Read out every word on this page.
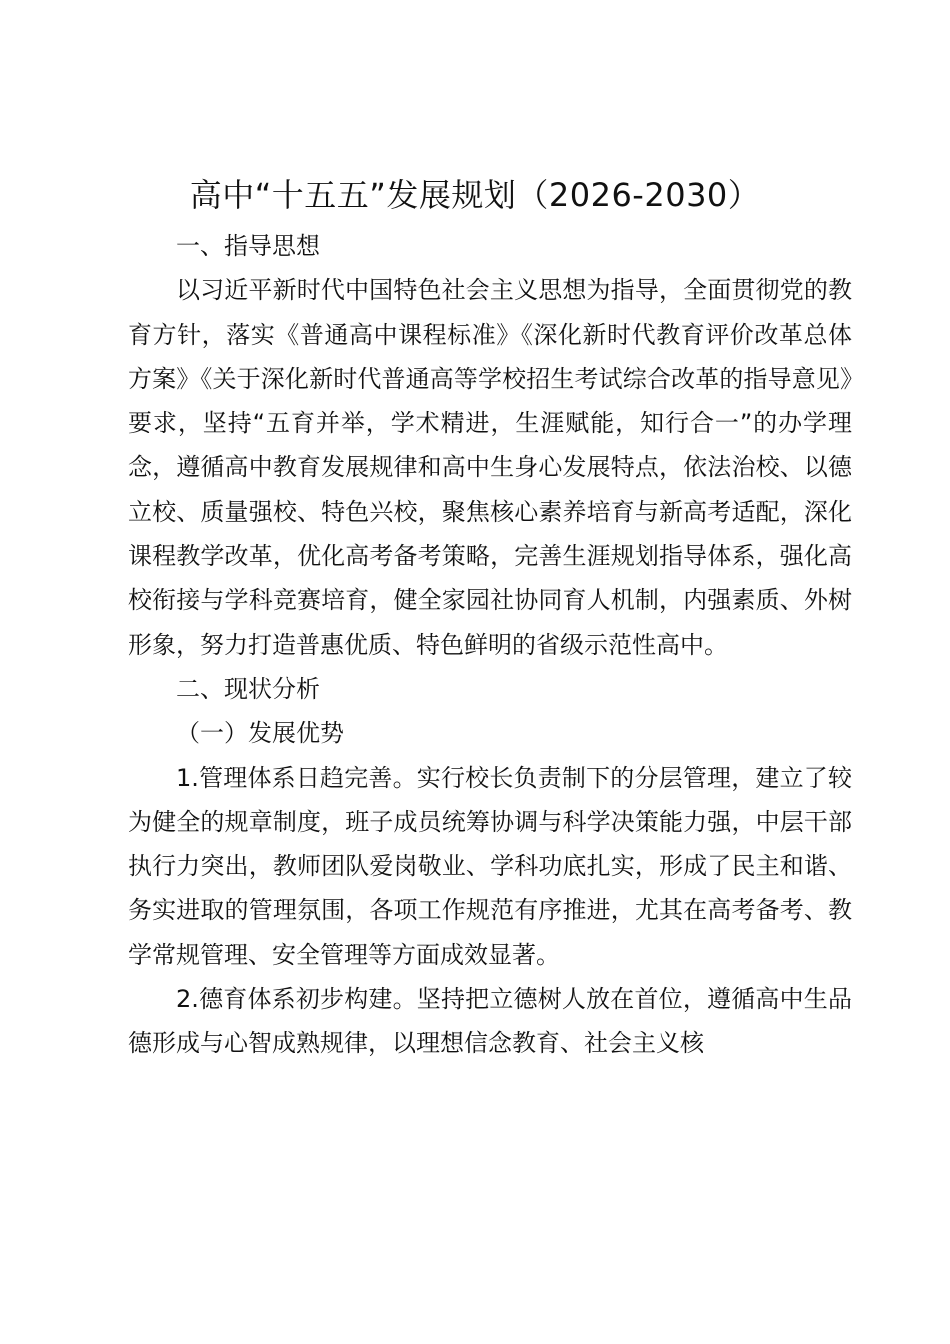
高中“十五五”发展规划（2026-2030）

一、指导思想

以习近平新时代中国特色社会主义思想为指导，全面贯彻党的教育方针，落实《普通高中课程标准》《深化新时代教育评价改革总体方案》《关于深化新时代普通高等学校招生考试综合改革的指导意见》要求，坚持“五育并举，学术精进，生涯赋能，知行合一”的办学理念，遵循高中教育发展规律和高中生身心发展特点，依法治校、以德立校、质量强校、特色兴校，聚焦核心素养培育与新高考适配，深化课程教学改革，优化高考备考策略，完善生涯规划指导体系，强化高校衔接与学科竞赛培育，健全家园社协同育人机制，内强素质、外树形象，努力打造普惠优质、特色鲜明的省级示范性高中。

二、现状分析

（一）发展优势

1.管理体系日趋完善。实行校长负责制下的分层管理，建立了较为健全的规章制度，班子成员统筹协调与科学决策能力强，中层干部执行力突出，教师团队爱岗敬业、学科功底扎实，形成了民主和谐、务实进取的管理氛围，各项工作规范有序推进，尤其在高考备考、教学常规管理、安全管理等方面成效显著。

2.德育体系初步构建。坚持把立德树人放在首位，遵循高中生品德形成与心智成熟规律，以理想信念教育、社会主义核
